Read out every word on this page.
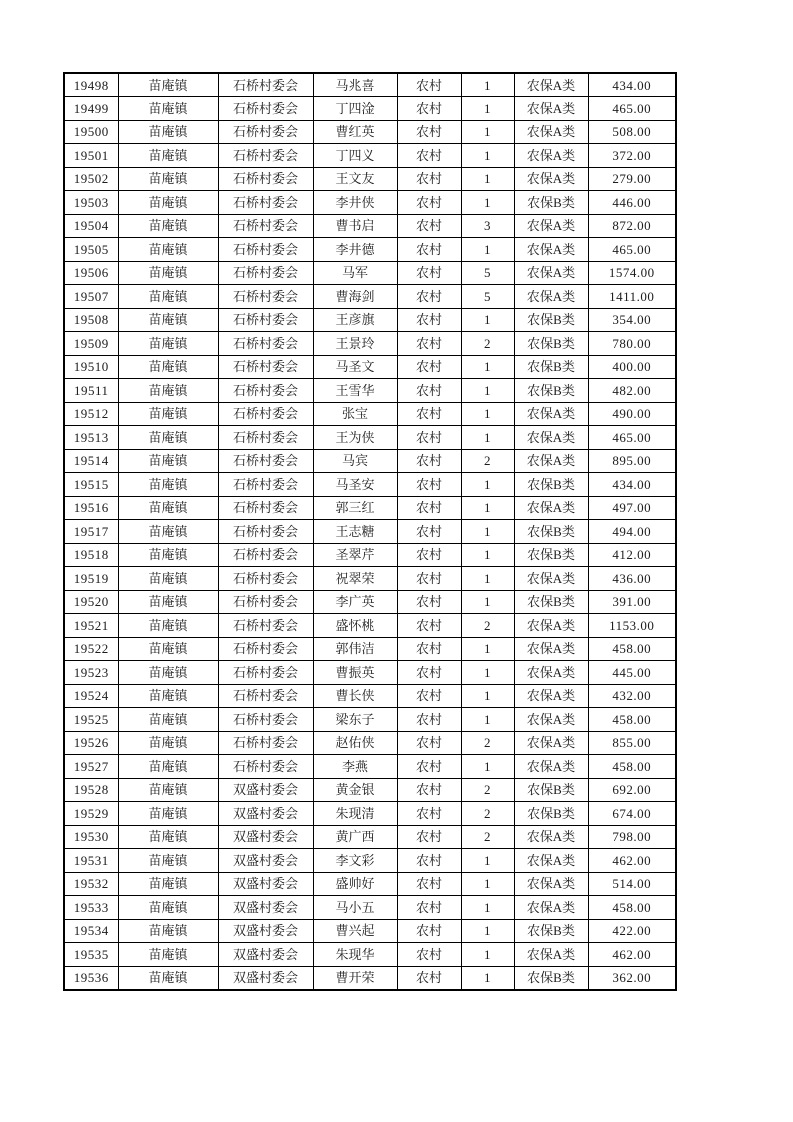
19498	苗庵镇	石桥村委会	马兆喜	农村	1	农保A类	434.00
19499	苗庵镇	石桥村委会	丁四淦	农村	1	农保A类	465.00
19500	苗庵镇	石桥村委会	曹红英	农村	1	农保A类	508.00
19501	苗庵镇	石桥村委会	丁四义	农村	1	农保A类	372.00
19502	苗庵镇	石桥村委会	王文友	农村	1	农保A类	279.00
19503	苗庵镇	石桥村委会	李井侠	农村	1	农保B类	446.00
19504	苗庵镇	石桥村委会	曹书启	农村	3	农保A类	872.00
19505	苗庵镇	石桥村委会	李井德	农村	1	农保A类	465.00
19506	苗庵镇	石桥村委会	马军	农村	5	农保A类	1574.00
19507	苗庵镇	石桥村委会	曹海剑	农村	5	农保A类	1411.00
19508	苗庵镇	石桥村委会	王彦旗	农村	1	农保B类	354.00
19509	苗庵镇	石桥村委会	王景玲	农村	2	农保B类	780.00
19510	苗庵镇	石桥村委会	马圣文	农村	1	农保B类	400.00
19511	苗庵镇	石桥村委会	王雪华	农村	1	农保B类	482.00
19512	苗庵镇	石桥村委会	张宝	农村	1	农保A类	490.00
19513	苗庵镇	石桥村委会	王为侠	农村	1	农保A类	465.00
19514	苗庵镇	石桥村委会	马宾	农村	2	农保A类	895.00
19515	苗庵镇	石桥村委会	马圣安	农村	1	农保B类	434.00
19516	苗庵镇	石桥村委会	郭三红	农村	1	农保A类	497.00
19517	苗庵镇	石桥村委会	王志糖	农村	1	农保B类	494.00
19518	苗庵镇	石桥村委会	圣翠芹	农村	1	农保B类	412.00
19519	苗庵镇	石桥村委会	祝翠荣	农村	1	农保A类	436.00
19520	苗庵镇	石桥村委会	李广英	农村	1	农保B类	391.00
19521	苗庵镇	石桥村委会	盛怀桃	农村	2	农保A类	1153.00
19522	苗庵镇	石桥村委会	郭伟洁	农村	1	农保A类	458.00
19523	苗庵镇	石桥村委会	曹振英	农村	1	农保A类	445.00
19524	苗庵镇	石桥村委会	曹长侠	农村	1	农保A类	432.00
19525	苗庵镇	石桥村委会	梁东子	农村	1	农保A类	458.00
19526	苗庵镇	石桥村委会	赵佑侠	农村	2	农保A类	855.00
19527	苗庵镇	石桥村委会	李燕	农村	1	农保A类	458.00
19528	苗庵镇	双盛村委会	黄金银	农村	2	农保B类	692.00
19529	苗庵镇	双盛村委会	朱现清	农村	2	农保B类	674.00
19530	苗庵镇	双盛村委会	黄广西	农村	2	农保A类	798.00
19531	苗庵镇	双盛村委会	李文彩	农村	1	农保A类	462.00
19532	苗庵镇	双盛村委会	盛帅好	农村	1	农保A类	514.00
19533	苗庵镇	双盛村委会	马小五	农村	1	农保A类	458.00
19534	苗庵镇	双盛村委会	曹兴起	农村	1	农保B类	422.00
19535	苗庵镇	双盛村委会	朱现华	农村	1	农保A类	462.00
19536	苗庵镇	双盛村委会	曹开荣	农村	1	农保B类	362.00
